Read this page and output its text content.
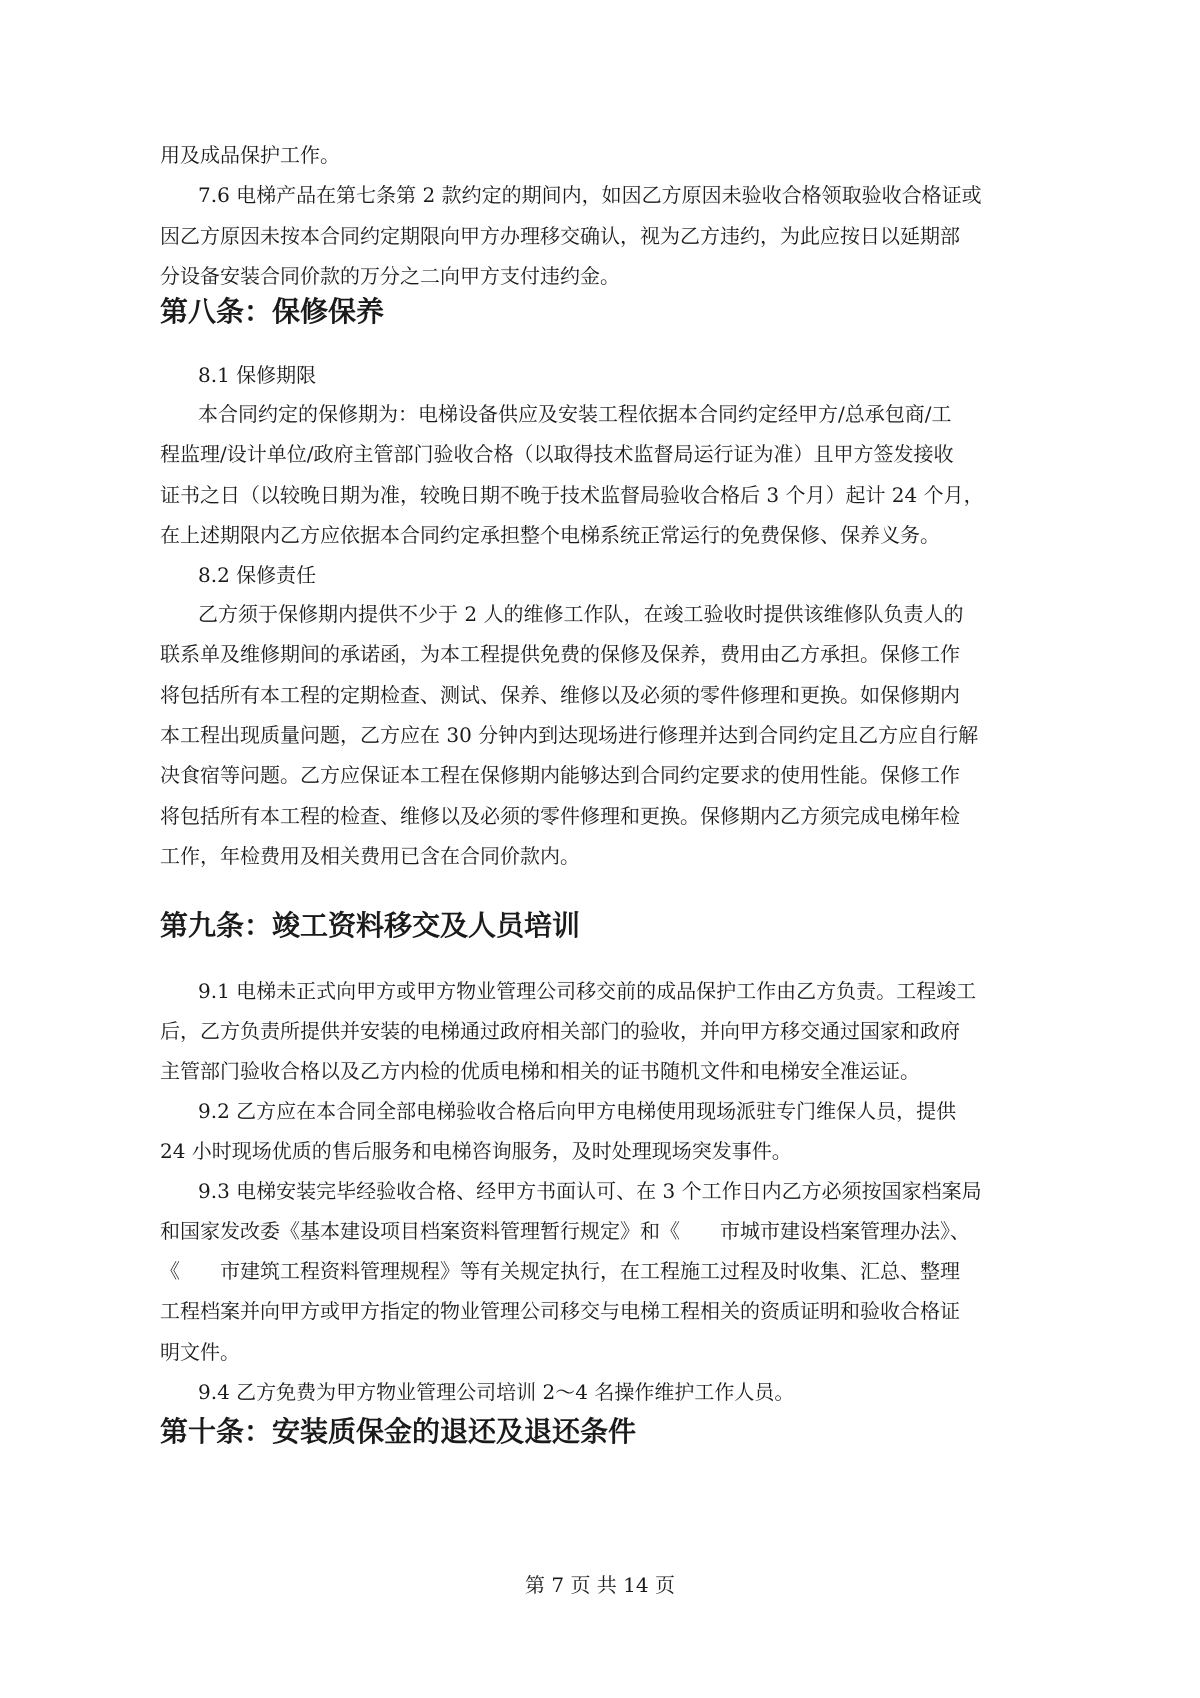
用及成品保护工作。
7.6 电梯产品在第七条第 2 款约定的期间内，如因乙方原因未验收合格领取验收合格证或
因乙方原因未按本合同约定期限向甲方办理移交确认，视为乙方违约，为此应按日以延期部
分设备安装合同价款的万分之二向甲方支付违约金。
第八条：保修保养
8.1 保修期限
本合同约定的保修期为：电梯设备供应及安装工程依据本合同约定经甲方/总承包商/工
程监理/设计单位/政府主管部门验收合格（以取得技术监督局运行证为准）且甲方签发接收
证书之日（以较晚日期为准，较晚日期不晚于技术监督局验收合格后 3 个月）起计 24 个月，
在上述期限内乙方应依据本合同约定承担整个电梯系统正常运行的免费保修、保养义务。
8.2 保修责任
乙方须于保修期内提供不少于 2 人的维修工作队，在竣工验收时提供该维修队负责人的
联系单及维修期间的承诺函，为本工程提供免费的保修及保养，费用由乙方承担。保修工作
将包括所有本工程的定期检查、测试、保养、维修以及必须的零件修理和更换。如保修期内
本工程出现质量问题，乙方应在 30 分钟内到达现场进行修理并达到合同约定且乙方应自行解
决食宿等问题。乙方应保证本工程在保修期内能够达到合同约定要求的使用性能。保修工作
将包括所有本工程的检查、维修以及必须的零件修理和更换。保修期内乙方须完成电梯年检
工作，年检费用及相关费用已含在合同价款内。
第九条：竣工资料移交及人员培训
9.1 电梯未正式向甲方或甲方物业管理公司移交前的成品保护工作由乙方负责。工程竣工
后，乙方负责所提供并安装的电梯通过政府相关部门的验收，并向甲方移交通过国家和政府
主管部门验收合格以及乙方内检的优质电梯和相关的证书随机文件和电梯安全准运证。
9.2 乙方应在本合同全部电梯验收合格后向甲方电梯使用现场派驻专门维保人员，提供
24 小时现场优质的售后服务和电梯咨询服务，及时处理现场突发事件。
9.3 电梯安装完毕经验收合格、经甲方书面认可、在 3 个工作日内乙方必须按国家档案局
和国家发改委《基本建设项目档案资料管理暂行规定》和《　　市城市建设档案管理办法》、
《　　市建筑工程资料管理规程》等有关规定执行，在工程施工过程及时收集、汇总、整理
工程档案并向甲方或甲方指定的物业管理公司移交与电梯工程相关的资质证明和验收合格证
明文件。
9.4 乙方免费为甲方物业管理公司培训 2～4 名操作维护工作人员。
第十条：安装质保金的退还及退还条件
第 7 页 共 14 页
